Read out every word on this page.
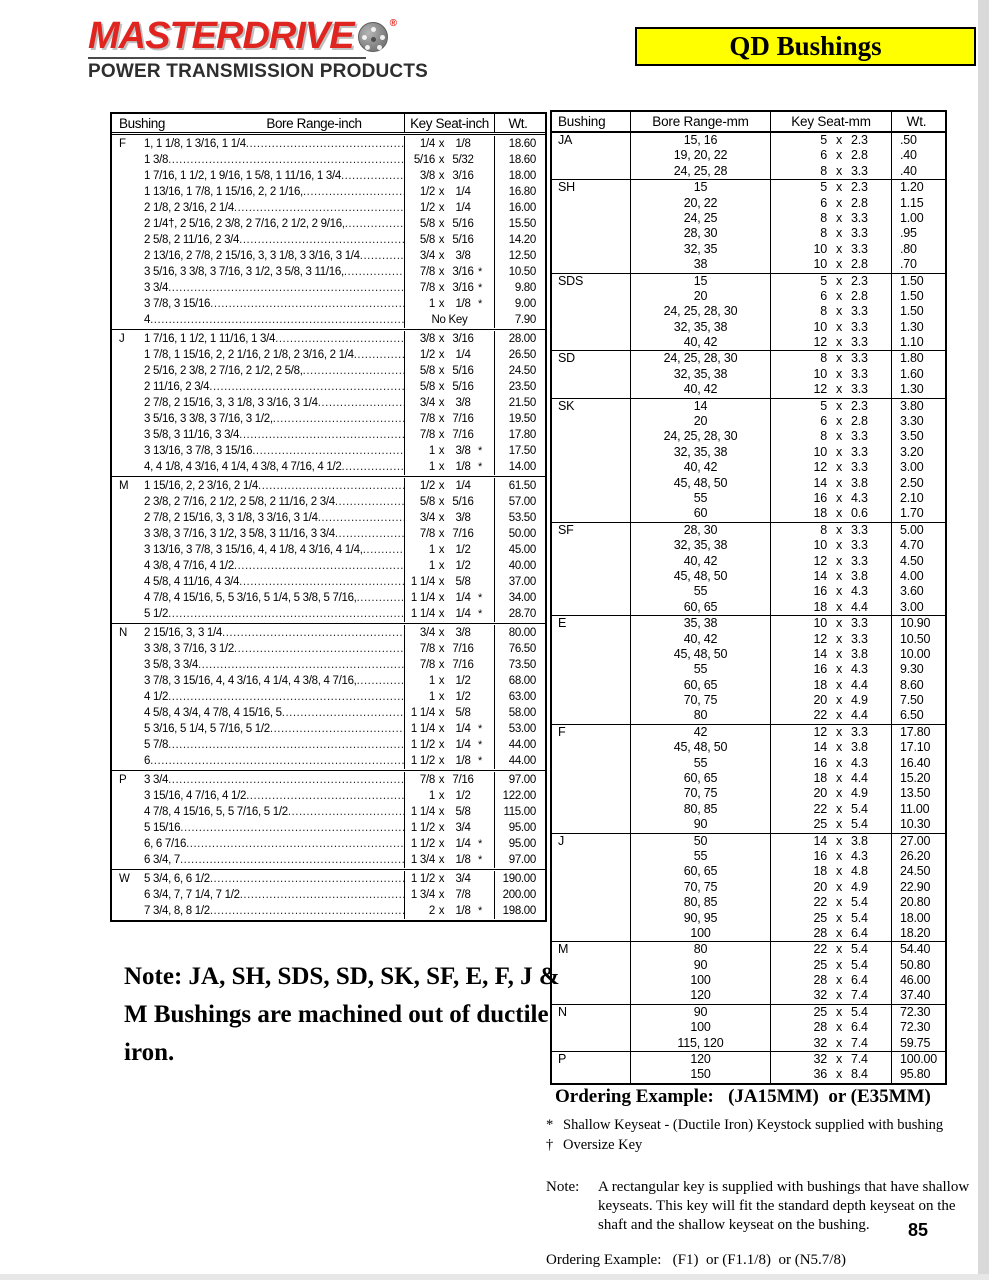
MASTERDRIVE	®
POWER TRANSMISSION PRODUCTS
QD Bushings
Bushing	Bore Range-inch	Key Seat-inch	Wt.
F	1, 1 1/8, 1 3/16, 1 1/4 .....	1/4 x 1/8	18.60
1 3/8 .....	5/16 x 5/32	18.60
1 7/16, 1 1/2, 1 9/16, 1 5/8, 1 11/16, 1 3/4 .....	3/8 x 3/16	18.00
1 13/16, 1 7/8, 1 15/16, 2, 2 1/16, .....	1/2 x 1/4	16.80
2 1/8, 2 3/16, 2 1/4 .....	1/2 x 1/4	16.00
2 1/4†, 2 5/16, 2 3/8, 2 7/16, 2 1/2, 2 9/16, .....	5/8 x 5/16	15.50
2 5/8, 2 11/16, 2 3/4 .....	5/8 x 5/16	14.20
2 13/16, 2 7/8, 2 15/16, 3, 3 1/8, 3 3/16, 3 1/4 .....	3/4 x 3/8	12.50
3 5/16, 3 3/8, 3 7/16, 3 1/2, 3 5/8, 3 11/16, .....	7/8 x 3/16 *	10.50
3 3/4 .....	7/8 x 3/16 *	9.80
3 7/8, 3 15/16 .....	1 x 1/8 *	9.00
4 .....	No Key	7.90
J	1 7/16, 1 1/2, 1 11/16, 1 3/4 .....	3/8 x 3/16	28.00
1 7/8, 1 15/16, 2, 2 1/16, 2 1/8, 2 3/16, 2 1/4 .....	1/2 x 1/4	26.50
2 5/16, 2 3/8, 2 7/16, 2 1/2, 2 5/8, .....	5/8 x 5/16	24.50
2 11/16, 2 3/4 .....	5/8 x 5/16	23.50
2 7/8, 2 15/16, 3, 3 1/8, 3 3/16, 3 1/4 .....	3/4 x 3/8	21.50
3 5/16, 3 3/8, 3 7/16, 3 1/2, .....	7/8 x 7/16	19.50
3 5/8, 3 11/16, 3 3/4 .....	7/8 x 7/16	17.80
3 13/16, 3 7/8, 3 15/16 .....	1 x 3/8 *	17.50
4, 4 1/8, 4 3/16, 4 1/4, 4 3/8, 4 7/16, 4 1/2 .....	1 x 1/8 *	14.00
M	1 15/16, 2, 2 3/16, 2 1/4 .....	1/2 x 1/4	61.50
2 3/8, 2 7/16, 2 1/2, 2 5/8, 2 11/16, 2 3/4 .....	5/8 x 5/16	57.00
2 7/8, 2 15/16, 3, 3 1/8, 3 3/16, 3 1/4 .....	3/4 x 3/8	53.50
3 3/8, 3 7/16, 3 1/2, 3 5/8, 3 11/16, 3 3/4 .....	7/8 x 7/16	50.00
3 13/16, 3 7/8, 3 15/16, 4, 4 1/8, 4 3/16, 4 1/4, .....	1 x 1/2	45.00
4 3/8, 4 7/16, 4 1/2 .....	1 x 1/2	40.00
4 5/8, 4 11/16, 4 3/4 .....	1 1/4 x 5/8	37.00
4 7/8, 4 15/16, 5, 5 3/16, 5 1/4, 5 3/8, 5 7/16, .....	1 1/4 x 1/4 *	34.00
5 1/2 .....	1 1/4 x 1/4 *	28.70
N	2 15/16, 3, 3 1/4 .....	3/4 x 3/8	80.00
3 3/8, 3 7/16, 3 1/2 .....	7/8 x 7/16	76.50
3 5/8, 3 3/4 .....	7/8 x 7/16	73.50
3 7/8, 3 15/16, 4, 4 3/16, 4 1/4, 4 3/8, 4 7/16, .....	1 x 1/2	68.00
4 1/2 .....	1 x 1/2	63.00
4 5/8, 4 3/4, 4 7/8, 4 15/16, 5 .....	1 1/4 x 5/8	58.00
5 3/16, 5 1/4, 5 7/16, 5 1/2 .....	1 1/4 x 1/4 *	53.00
5 7/8 .....	1 1/2 x 1/4 *	44.00
6 .....	1 1/2 x 1/8 *	44.00
P	3 3/4 .....	7/8 x 7/16	97.00
3 15/16, 4 7/16, 4 1/2 .....	1 x 1/2	122.00
4 7/8, 4 15/16, 5, 5 7/16, 5 1/2 .....	1 1/4 x 5/8	115.00
5 15/16 .....	1 1/2 x 3/4	95.00
6, 6 7/16 .....	1 1/2 x 1/4 *	95.00
6 3/4, 7 .....	1 3/4 x 1/8 *	97.00
W	5 3/4, 6, 6 1/2 .....	1 1/2 x 3/4	190.00
6 3/4, 7, 7 1/4, 7 1/2 .....	1 3/4 x 7/8	200.00
7 3/4, 8, 8 1/2 .....	2 x 1/8 *	198.00
Bushing	Bore Range-mm	Key Seat-mm	Wt.
JA	15, 16	5 x 2.3	.50
19, 20, 22	6 x 2.8	.40
24, 25, 28	8 x 3.3	.40
SH	15	5 x 2.3	1.20
20, 22	6 x 2.8	1.15
24, 25	8 x 3.3	1.00
28, 30	8 x 3.3	.95
32, 35	10 x 3.3	.80
38	10 x 2.8	.70
SDS	15	5 x 2.3	1.50
20	6 x 2.8	1.50
24, 25, 28, 30	8 x 3.3	1.50
32, 35, 38	10 x 3.3	1.30
40, 42	12 x 3.3	1.10
SD	24, 25, 28, 30	8 x 3.3	1.80
32, 35, 38	10 x 3.3	1.60
40, 42	12 x 3.3	1.30
SK	14	5 x 2.3	3.80
20	6 x 2.8	3.30
24, 25, 28, 30	8 x 3.3	3.50
32, 35, 38	10 x 3.3	3.20
40, 42	12 x 3.3	3.00
45, 48, 50	14 x 3.8	2.50
55	16 x 4.3	2.10
60	18 x 0.6	1.70
SF	28, 30	8 x 3.3	5.00
32, 35, 38	10 x 3.3	4.70
40, 42	12 x 3.3	4.50
45, 48, 50	14 x 3.8	4.00
55	16 x 4.3	3.60
60, 65	18 x 4.4	3.00
E	35, 38	10 x 3.3	10.90
40, 42	12 x 3.3	10.50
45, 48, 50	14 x 3.8	10.00
55	16 x 4.3	9.30
60, 65	18 x 4.4	8.60
70, 75	20 x 4.9	7.50
80	22 x 4.4	6.50
F	42	12 x 3.3	17.80
45, 48, 50	14 x 3.8	17.10
55	16 x 4.3	16.40
60, 65	18 x 4.4	15.20
70, 75	20 x 4.9	13.50
80, 85	22 x 5.4	11.00
90	25 x 5.4	10.30
J	50	14 x 3.8	27.00
55	16 x 4.3	26.20
60, 65	18 x 4.8	24.50
70, 75	20 x 4.9	22.90
80, 85	22 x 5.4	20.80
90, 95	25 x 5.4	18.00
100	28 x 6.4	18.20
M	80	22 x 5.4	54.40
90	25 x 5.4	50.80
100	28 x 6.4	46.00
120	32 x 7.4	37.40
N	90	25 x 5.4	72.30
100	28 x 6.4	72.30
115, 120	32 x 7.4	59.75
P	120	32 x 7.4	100.00
150	36 x 8.4	95.80
Note: JA, SH, SDS, SD, SK, SF, E, F, J & M Bushings are machined out of ductile iron.
Ordering Example:   (JA15MM)  or (E35MM)
* Shallow Keyseat - (Ductile Iron) Keystock supplied with bushing
† Oversize Key
Note:	A rectangular key is supplied with bushings that have shallow keyseats. This key will fit the standard depth keyseat on the shaft and the shallow keyseat on the bushing.
Ordering Example:   (F1)  or (F1.1/8)  or (N5.7/8)
85
